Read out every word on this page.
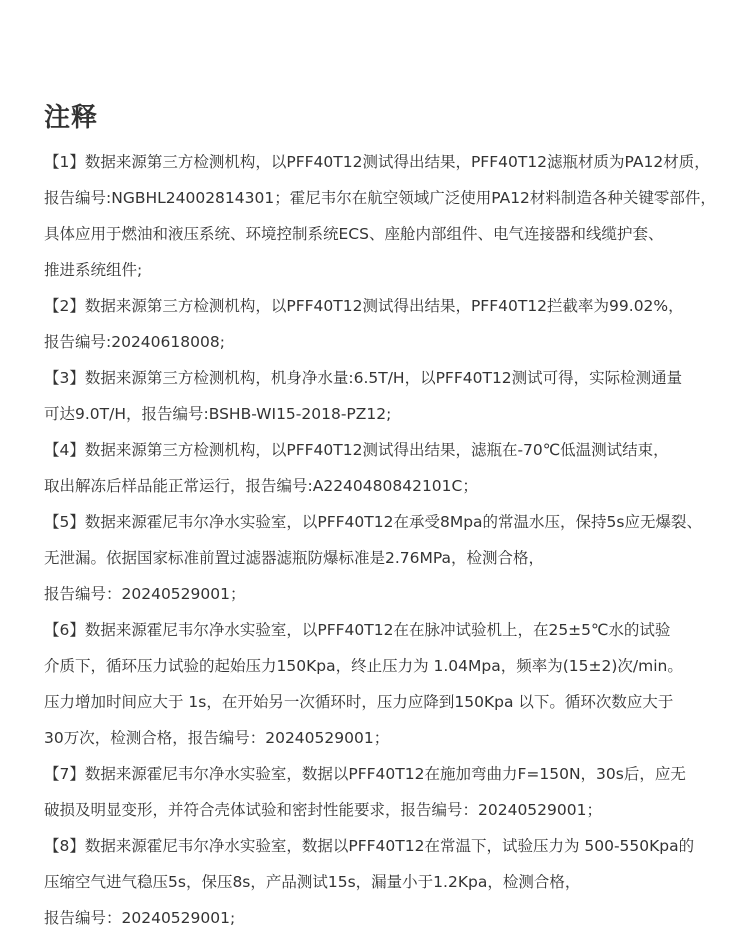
注释
【1】数据来源第三方检测机构，以PFF40T12测试得出结果，PFF40T12滤瓶材质为PA12材质，
报告编号:NGBHL24002814301；霍尼韦尔在航空领域广泛使用PA12材料制造各种关键零部件，
具体应用于燃油和液压系统、环境控制系统ECS、座舱内部组件、电气连接器和线缆护套、
推进系统组件;
【2】数据来源第三方检测机构，以PFF40T12测试得出结果，PFF40T12拦截率为99.02%，
报告编号:20240618008;
【3】数据来源第三方检测机构，机身净水量:6.5T/H，以PFF40T12测试可得，实际检测通量
可达9.0T/H，报告编号:BSHB-WI15-2018-PZ12;
【4】数据来源第三方检测机构，以PFF40T12测试得出结果，滤瓶在-70℃低温测试结束，
取出解冻后样品能正常运行，报告编号:A2240480842101C；
【5】数据来源霍尼韦尔净水实验室，以PFF40T12在承受8Mpa的常温水压，保持5s应无爆裂、
无泄漏。依据国家标准前置过滤器滤瓶防爆标准是2.76MPa，检测合格，
报告编号：20240529001；
【6】数据来源霍尼韦尔净水实验室，以PFF40T12在在脉冲试验机上，在25±5℃水的试验
介质下，循环压力试验的起始压力150Kpa，终止压力为 1.04Mpa，频率为(15±2)次/min。
压力增加时间应大于 1s，在开始另一次循环时，压力应降到150Kpa 以下。循环次数应大于
30万次，检测合格，报告编号：20240529001；
【7】数据来源霍尼韦尔净水实验室，数据以PFF40T12在施加弯曲力F=150N，30s后，应无
破损及明显变形，并符合壳体试验和密封性能要求，报告编号：20240529001；
【8】数据来源霍尼韦尔净水实验室，数据以PFF40T12在常温下，试验压力为 500-550Kpa的
压缩空气进气稳压5s，保压8s，产品测试15s，漏量小于1.2Kpa，检测合格，
报告编号：20240529001;
